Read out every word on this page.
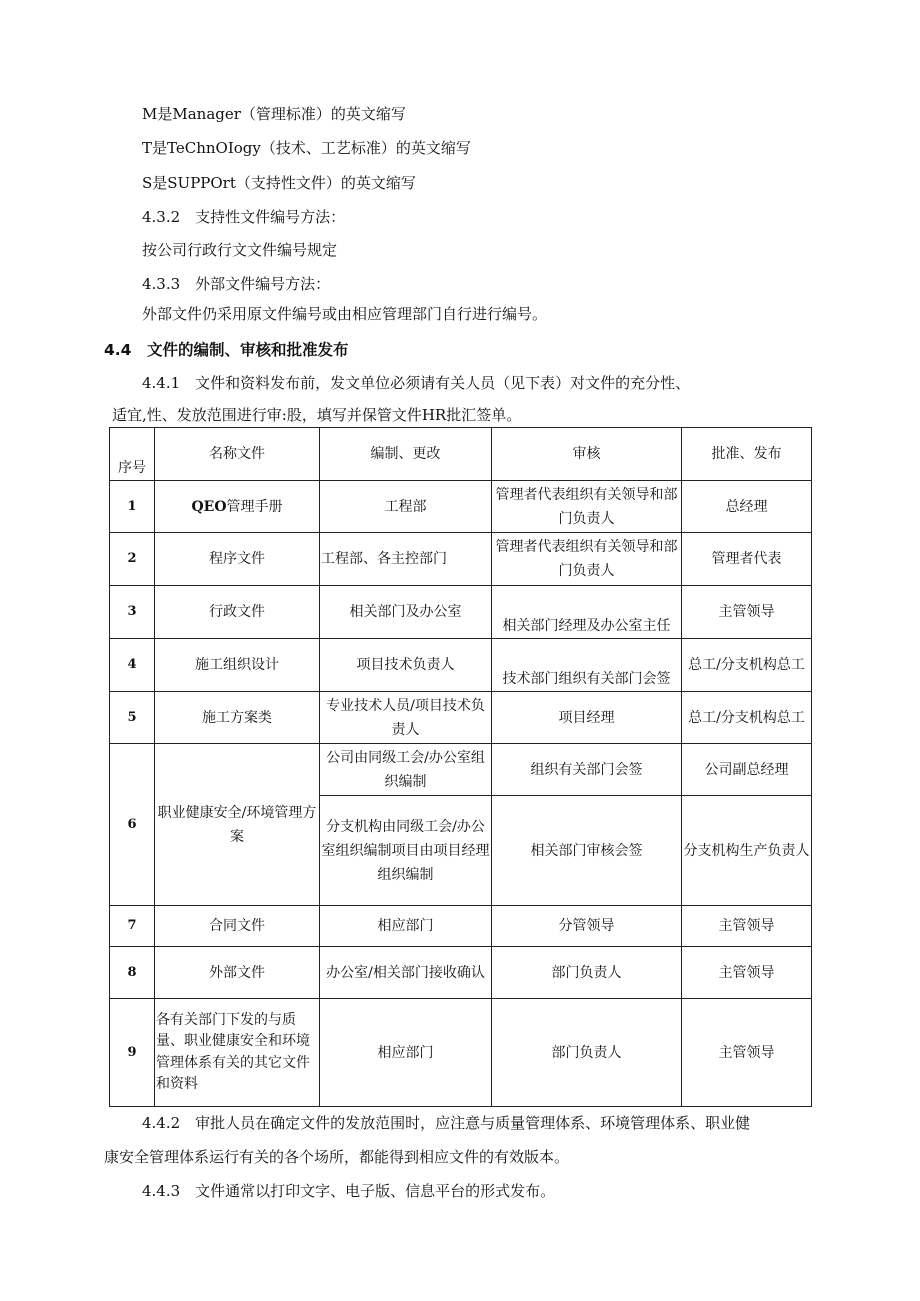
M是Manager（管理标准）的英文缩写
T是TeChnOIogy（技术、工艺标准）的英文缩写
S是SUPPOrt（支持性文件）的英文缩写
4.3.2　支持性文件编号方法：
按公司行政行文文件编号规定
4.3.3　外部文件编号方法：
外部文件仍采用原文件编号或由相应管理部门自行进行编号。
4.4　文件的编制、审核和批准发布
4.4.1　文件和资料发布前，发文单位必须请有关人员（见下表）对文件的充分性、
适宜,性、发放范围进行审:股，填写并保管文件HR批汇签单。
序号	名称文件	编制、更改	审核	批准、发布
1	QEO管理手册	工程部	管理者代表组织有关领导和部门负责人	总经理
2	程序文件	工程部、各主控部门	管理者代表组织有关领导和部门负责人	管理者代表
3	行政文件	相关部门及办公室	相关部门经理及办公室主任	主管领导
4	施工组织设计	项目技术负责人	技术部门组织有关部门会签	总工/分支机构总工
5	施工方案类	专业技术人员/项目技术负责人	项目经理	总工/分支机构总工
6	职业健康安全/环境管理方案	公司由同级工会/办公室组织编制	组织有关部门会签	公司副总经理
		分支机构由同级工会/办公室组织编制项目由项目经理组织编制	相关部门审核会签	分支机构生产负责人
7	合同文件	相应部门	分管领导	主管领导
8	外部文件	办公室/相关部门接收确认	部门负责人	主管领导
9	各有关部门下发的与质量、职业健康安全和环境管理体系有关的其它文件和资料	相应部门	部门负责人	主管领导
4.4.2　审批人员在确定文件的发放范围时，应注意与质量管理体系、环境管理体系、职业健
康安全管理体系运行有关的各个场所，都能得到相应文件的有效版本。
4.4.3　文件通常以打印文字、电子版、信息平台的形式发布。
